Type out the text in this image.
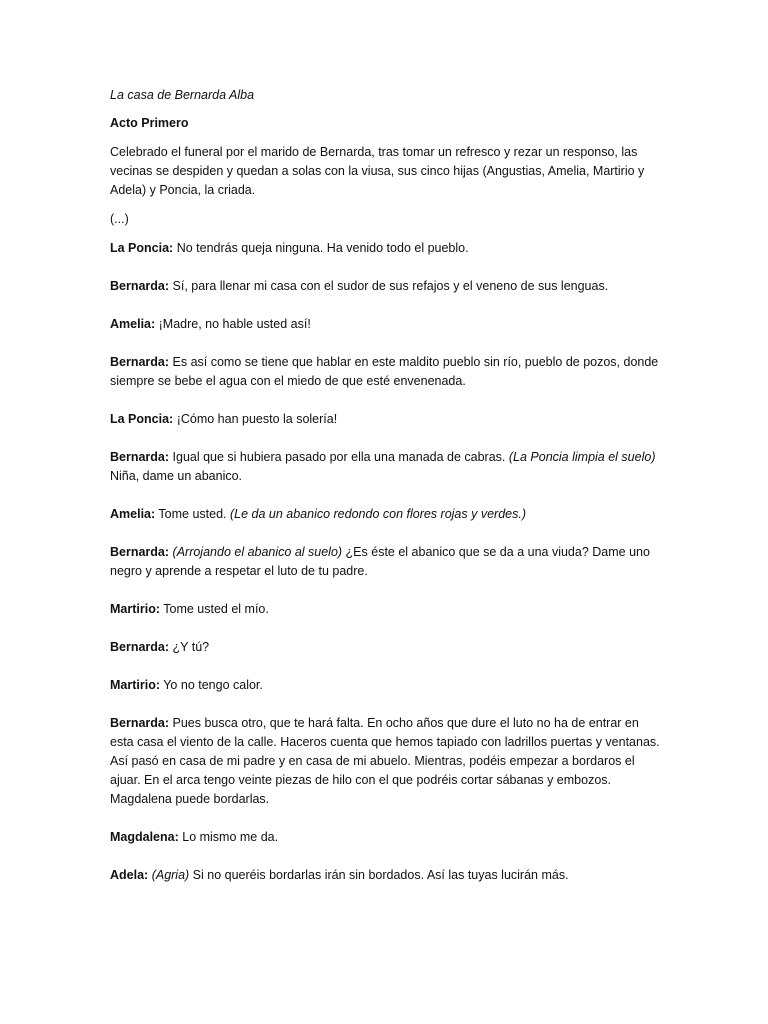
La casa de Bernarda Alba
Acto Primero

Celebrado el funeral por el marido de Bernarda, tras tomar un refresco y rezar un responso, las vecinas se despiden y quedan a solas con la viusa, sus cinco hijas (Angustias, Amelia, Martirio y Adela) y Poncia, la criada.

(...)

La Poncia: No tendrás queja ninguna. Ha venido todo el pueblo.

Bernarda: Sí, para llenar mi casa con el sudor de sus refajos y el veneno de sus lenguas.

Amelia: ¡Madre, no hable usted así!

Bernarda: Es así como se tiene que hablar en este maldito pueblo sin río, pueblo de pozos, donde siempre se bebe el agua con el miedo de que esté envenenada.

La Poncia: ¡Cómo han puesto la solería!

Bernarda: Igual que si hubiera pasado por ella una manada de cabras. (La Poncia limpia el suelo) Niña, dame un abanico.

Amelia: Tome usted. (Le da un abanico redondo con flores rojas y verdes.)

Bernarda: (Arrojando el abanico al suelo) ¿Es éste el abanico que se da a una viuda? Dame uno negro y aprende a respetar el luto de tu padre.

Martirio: Tome usted el mío.

Bernarda: ¿Y tú?

Martirio: Yo no tengo calor.

Bernarda: Pues busca otro, que te hará falta. En ocho años que dure el luto no ha de entrar en esta casa el viento de la calle. Haceros cuenta que hemos tapiado con ladrillos puertas y ventanas. Así pasó en casa de mi padre y en casa de mi abuelo. Mientras, podéis empezar a bordaros el ajuar. En el arca tengo veinte piezas de hilo con el que podréis cortar sábanas y embozos. Magdalena puede bordarlas.

Magdalena: Lo mismo me da.

Adela: (Agria) Si no queréis bordarlas irán sin bordados. Así las tuyas lucirán más.
